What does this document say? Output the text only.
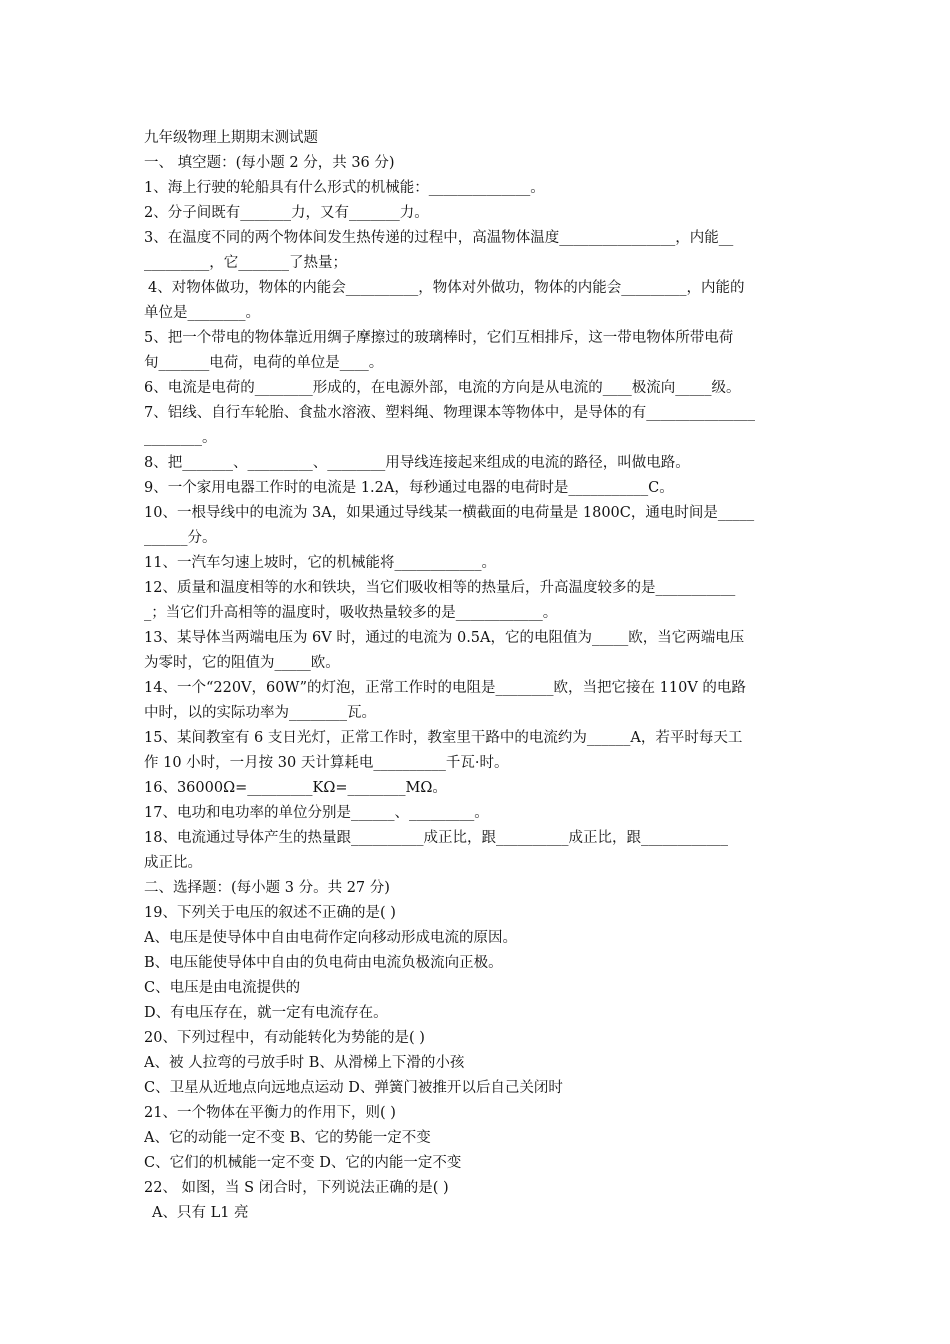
九年级物理上期期末测试题
一、 填空题：(每小题 2 分，共 36 分)
1、海上行驶的轮船具有什么形式的机械能：______________。
2、分子间既有_______力，又有_______力。
3、在温度不同的两个物体间发生热传递的过程中，高温物体温度________________，内能__
_________，它_______了热量；
4、对物体做功，物体的内能会__________，物体对外做功，物体的内能会_________，内能的
单位是________。
5、把一个带电的物体靠近用绸子摩擦过的玻璃棒时，它们互相排斥，这一带电物体所带电荷
旬_______电荷，电荷的单位是____。
6、电流是电荷的________形成的，在电源外部，电流的方向是从电流的____极流向_____级。
7、铝线、自行车轮胎、食盐水溶液、塑料绳、物理课本等物体中，是导体的有_______________
________。
8、把_______、_________、________用导线连接起来组成的电流的路径，叫做电路。
9、一个家用电器工作时的电流是 1.2A，每秒通过电器的电荷时是___________C。
10、一根导线中的电流为 3A，如果通过导线某一横截面的电荷量是 1800C，通电时间是_____
______分。
11、一汽车匀速上坡时，它的机械能将____________。
12、质量和温度相等的水和铁块，当它们吸收相等的热量后，升高温度较多的是___________
_；当它们升高相等的温度时，吸收热量较多的是____________。
13、某导体当两端电压为 6V 时，通过的电流为 0.5A，它的电阻值为_____欧，当它两端电压
为零时，它的阻值为_____欧。
14、一个“220V，60W”的灯泡，正常工作时的电阻是________欧，当把它接在 110V 的电路
中时，以的实际功率为________瓦。
15、某间教室有 6 支日光灯，正常工作时，教室里干路中的电流约为______A，若平时每天工
作 10 小时，一月按 30 天计算耗电__________千瓦·时。
16、36000Ω=_________KΩ=________MΩ。
17、电功和电功率的单位分别是______、_________。
18、电流通过导体产生的热量跟__________成正比，跟__________成正比，跟____________
成正比。
二、选择题：(每小题 3 分。共 27 分)
19、下列关于电压的叙述不正确的是( )
A、电压是使导体中自由电荷作定向移动形成电流的原因。
B、电压能使导体中自由的负电荷由电流负极流向正极。
C、电压是由电流提供的
D、有电压存在，就一定有电流存在。
20、下列过程中，有动能转化为势能的是( )
A、被 人拉弯的弓放手时 B、从滑梯上下滑的小孩
C、卫星从近地点向远地点运动 D、弹簧门被推开以后自己关闭时
21、一个物体在平衡力的作用下，则( )
A、它的动能一定不变 B、它的势能一定不变
C、它们的机械能一定不变 D、它的内能一定不变
22、 如图，当 S 闭合时，下列说法正确的是( )
A、只有 L1 亮
